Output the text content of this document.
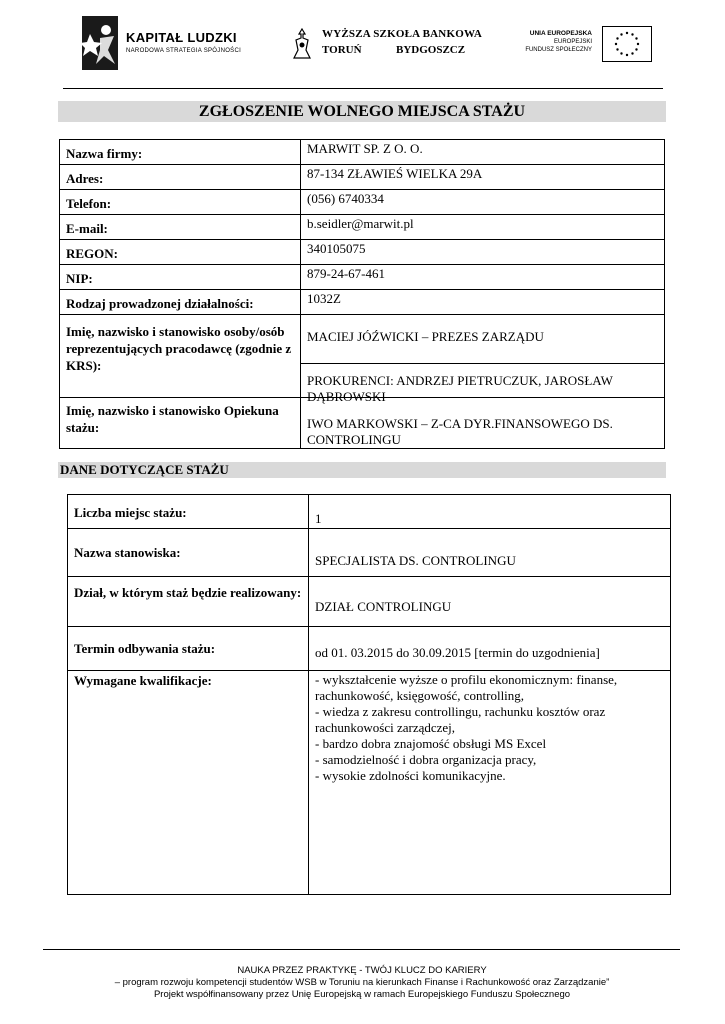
KAPITAŁ LUDZKI
NARODOWA STRATEGIA SPÓJNOŚCI
WYŻSZA SZKOŁA BANKOWA
TORUŃ	BYDGOSZCZ
UNIA EUROPEJSKA
EUROPEJSKI
FUNDUSZ SPOŁECZNY
ZGŁOSZENIE WOLNEGO MIEJSCA STAŻU
Nazwa firmy:	MARWIT SP. Z O. O.
Adres:	87-134 ZŁAWIEŚ WIELKA 29A
Telefon:	(056) 6740334
E-mail:	b.seidler@marwit.pl
REGON:	340105075
NIP:	879-24-67-461
Rodzaj prowadzonej działalności:	1032Z
Imię, nazwisko i stanowisko osoby/osób reprezentujących pracodawcę (zgodnie z KRS):	MACIEJ JÓŹWICKI – PREZES ZARZĄDU
PROKURENCI: ANDRZEJ PIETRUCZUK, JAROSŁAW DĄBROWSKI

Imię, nazwisko i stanowisko Opiekuna stażu:	IWO MARKOWSKI – Z-CA DYR.FINANSOWEGO DS. CONTROLINGU
DANE DOTYCZĄCE STAŻU
Liczba miejsc stażu:	1
Nazwa stanowiska:	SPECJALISTA DS. CONTROLINGU
Dział, w którym staż będzie realizowany:	DZIAŁ CONTROLINGU
Termin odbywania stażu:	od 01. 03.2015 do 30.09.2015 [termin do uzgodnienia]
Wymagane kwalifikacje:	- wykształcenie wyższe o profilu ekonomicznym: finanse, rachunkowość, księgowość, controlling,
- wiedza z zakresu controllingu, rachunku kosztów oraz rachunkowości zarządczej,
- bardzo dobra znajomość obsługi MS Excel
- samodzielność i dobra organizacja pracy,
- wysokie zdolności komunikacyjne.
NAUKA PRZEZ PRAKTYKĘ - TWÓJ KLUCZ DO KARIERY
– program rozwoju kompetencji studentów WSB w Toruniu na kierunkach Finanse i Rachunkowość oraz Zarządzanie”
Projekt współfinansowany przez Unię Europejską w ramach Europejskiego Funduszu Społecznego
